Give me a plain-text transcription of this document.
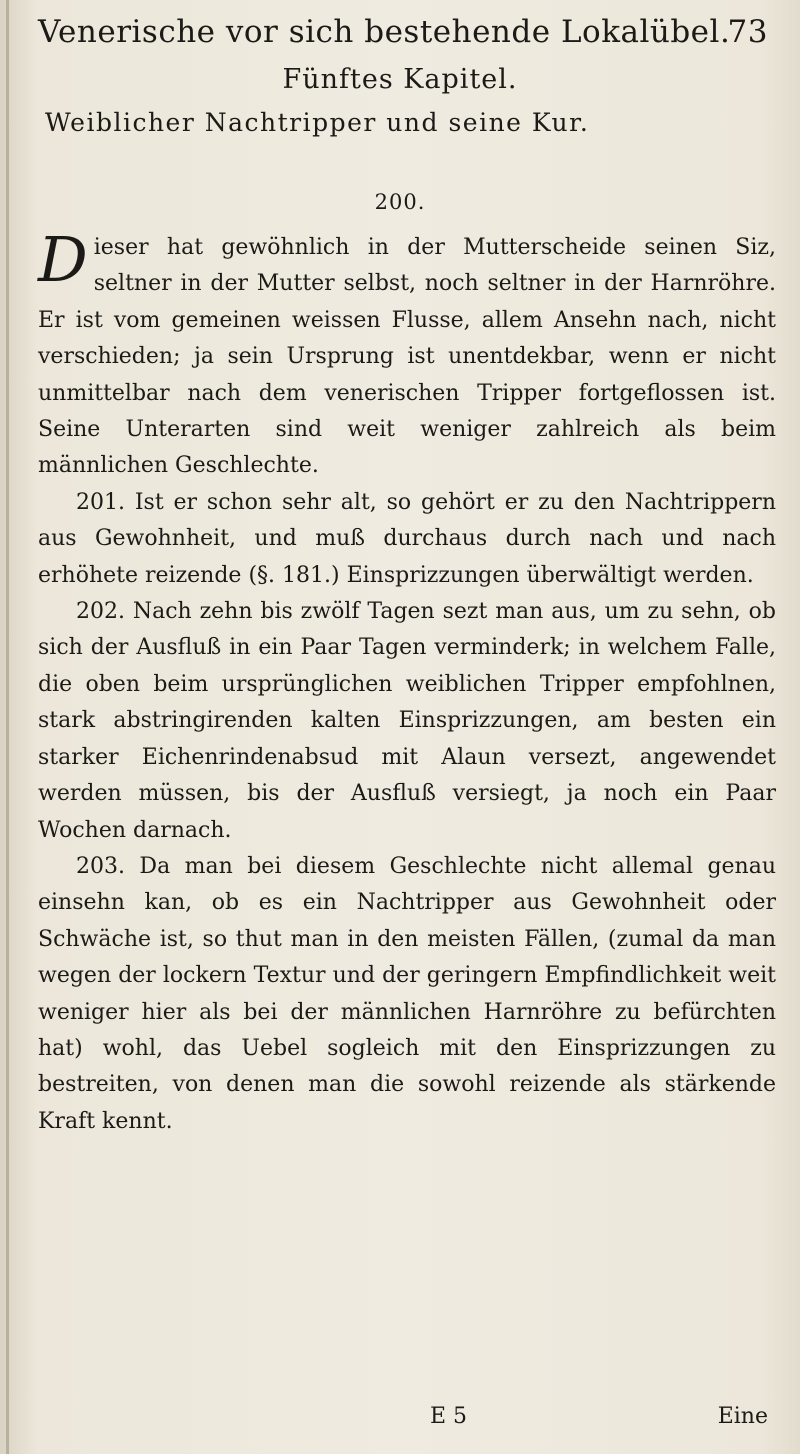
Venerische vor sich bestehende Lokalübel.
73
Fünftes Kapitel.
Weiblicher Nachtripper und seine Kur.
200.

Dieser hat gewöhnlich in der Mutterscheide seinen Siz, seltner in der Mutter selbst, noch seltner in der Harnröhre. Er ist vom gemeinen weissen Flusse, allem Ansehn nach, nicht verschieden; ja sein Ursprung ist unentdekbar, wenn er nicht unmittelbar nach dem venerischen Tripper fortgeflossen ist. Seine Unterarten sind weit weniger zahlreich als beim männlichen Geschlechte.

201. Ist er schon sehr alt, so gehört er zu den Nachtrippern aus Gewohnheit, und muß durchaus durch nach und nach erhöhete reizende (§. 181.) Einsprizzungen überwältigt werden.

202. Nach zehn bis zwölf Tagen sezt man aus, um zu sehn, ob sich der Ausfluß in ein Paar Tagen verminderk; in welchem Falle, die oben beim ursprünglichen weiblichen Tripper empfohlnen, stark abstringirenden kalten Einsprizzungen, am besten ein starker Eichenrindenabsud mit Alaun versezt, angewendet werden müssen, bis der Ausfluß versiegt, ja noch ein Paar Wochen darnach.

203. Da man bei diesem Geschlechte nicht allemal genau einsehn kan, ob es ein Nachtripper aus Gewohnheit oder Schwäche ist, so thut man in den meisten Fällen, (zumal da man wegen der lockern Textur und der geringern Empfindlichkeit weit weniger hier als bei der männlichen Harnröhre zu befürchten hat) wohl, das Uebel sogleich mit den Einsprizzungen zu bestreiten, von denen man die sowohl reizende als stärkende Kraft kennt.

E 5	Eine
